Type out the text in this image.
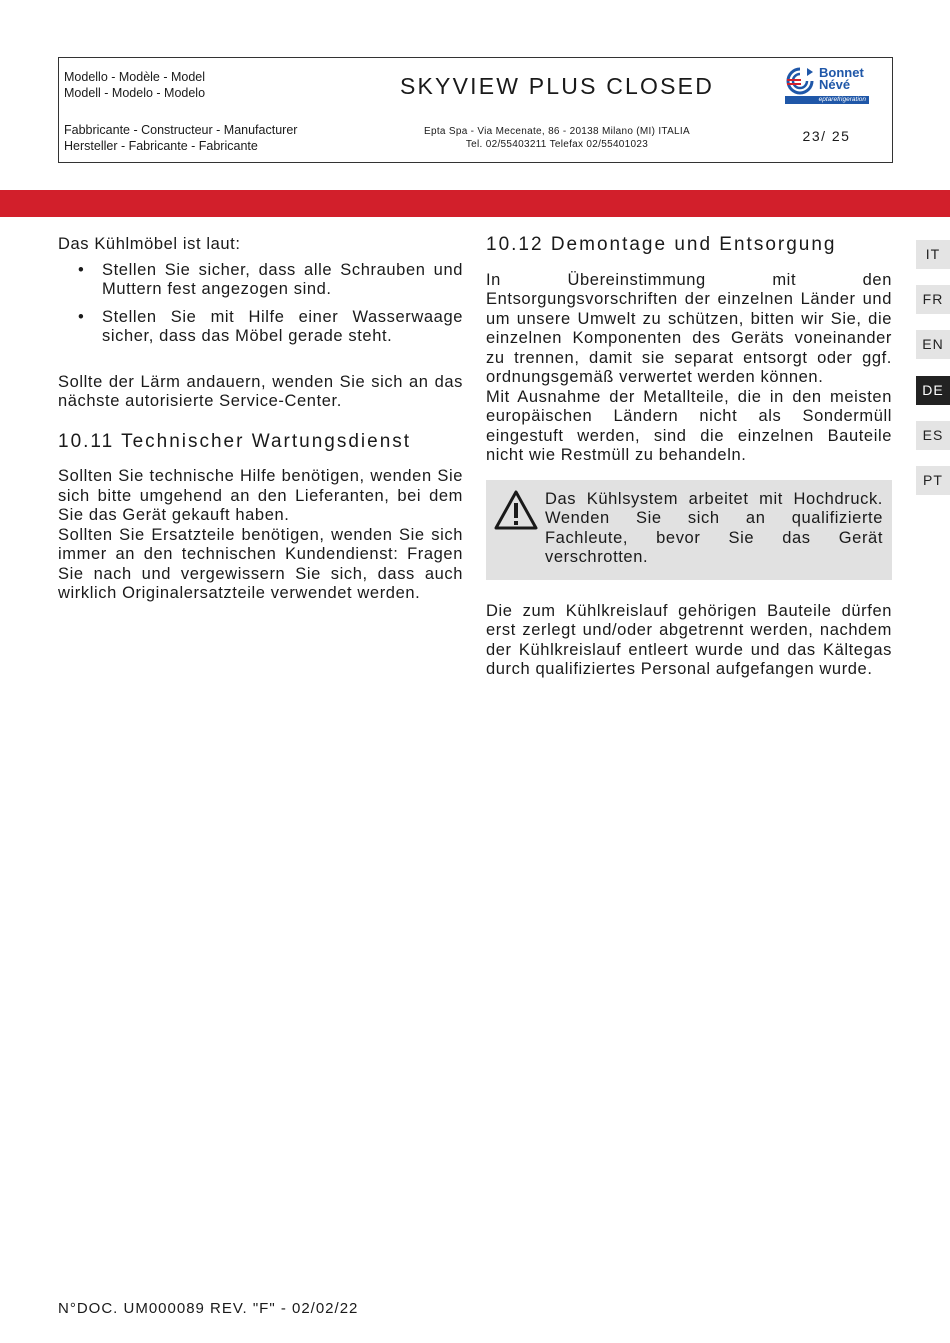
Modello - Modèle - Model
Modell - Modelo - Modelo	SKYVIEW PLUS CLOSED
Bonnet
Névé
eptarefrigeration
Fabbricante - Constructeur - Manufacturer
Hersteller - Fabricante - Fabricante
Epta Spa - Via Mecenate, 86 - 20138 Milano (MI) ITALIA
Tel. 02/55403211 Telefax 02/55401023
23/ 25
IT
FR
EN
DE
ES
PT
Das Kühlmöbel ist laut:
• Stellen Sie sicher, dass alle Schrauben und Muttern fest angezogen sind.
• Stellen Sie mit Hilfe einer Wasserwaage sicher, dass das Möbel gerade steht.
Sollte der Lärm andauern, wenden Sie sich an das nächste autorisierte Service-Center.
10.11 Technischer Wartungsdienst
Sollten Sie technische Hilfe benötigen, wenden Sie sich bitte umgehend an den Lieferanten, bei dem Sie das Gerät gekauft haben.
Sollten Sie Ersatzteile benötigen, wenden Sie sich immer an den technischen Kundendienst: Fragen Sie nach und vergewissern Sie sich, dass auch wirklich Originalersatzteile verwendet werden.
10.12 Demontage und Entsorgung
In Übereinstimmung mit den Entsorgungsvorschriften der einzelnen Länder und um unsere Umwelt zu schützen, bitten wir Sie, die einzelnen Komponenten des Geräts voneinander zu trennen, damit sie separat entsorgt oder ggf. ordnungsgemäß verwertet werden können.
Mit Ausnahme der Metallteile, die in den meisten europäischen Ländern nicht als Sondermüll eingestuft werden, sind die einzelnen Bauteile nicht wie Restmüll zu behandeln.
Das Kühlsystem arbeitet mit Hochdruck. Wenden Sie sich an qualifizierte Fachleute, bevor Sie das Gerät verschrotten.
Die zum Kühlkreislauf gehörigen Bauteile dürfen erst zerlegt und/oder abgetrennt werden, nachdem der Kühlkreislauf entleert wurde und das Kältegas durch qualifiziertes Personal aufgefangen wurde.
N°DOC. UM000089 REV. "F" - 02/02/22
